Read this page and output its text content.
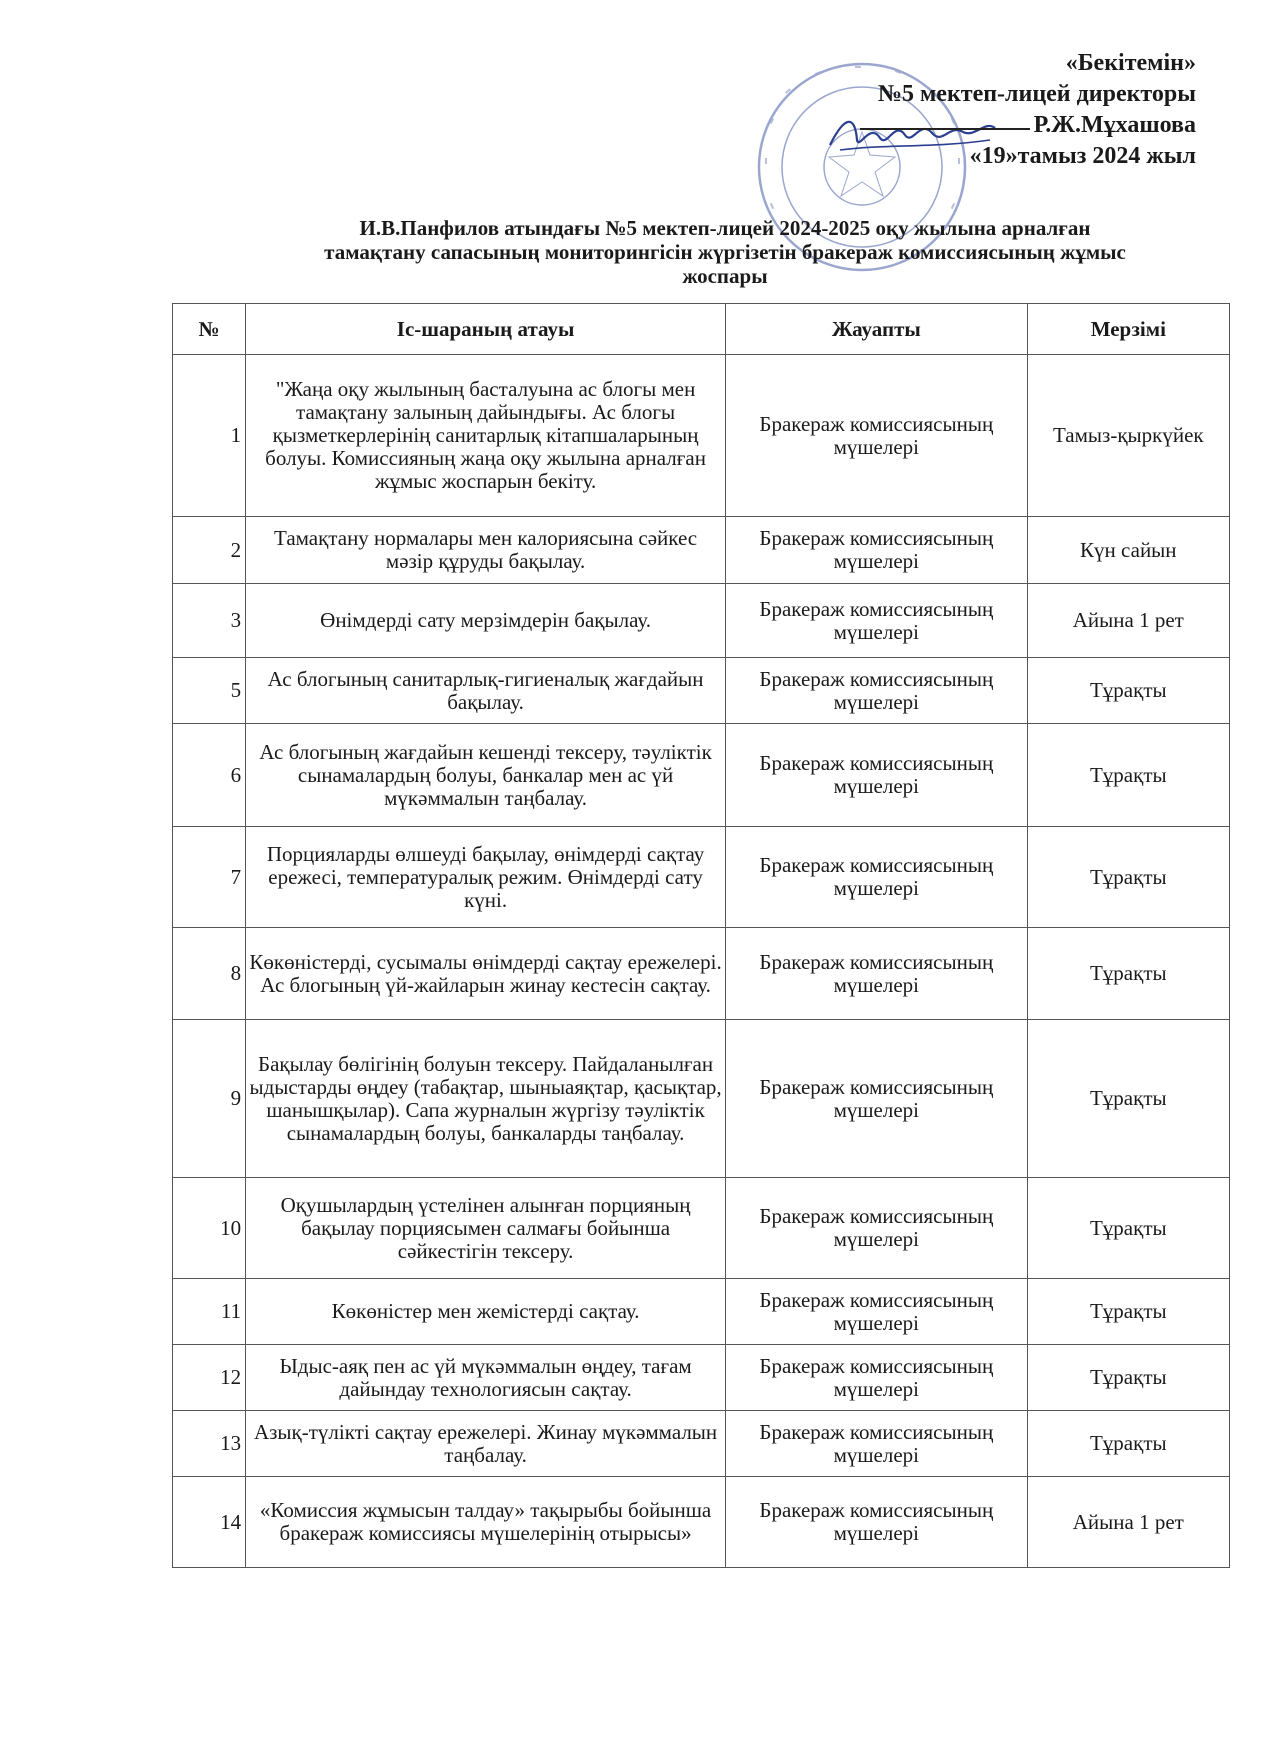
«Бекітемін»
№5 мектеп-лицей директоры
Р.Ж.Мұхашова
«19»тамыз 2024 жыл
И.В.Панфилов атындағы №5 мектеп-лицей 2024-2025 оқу жылына арналған
тамақтану сапасының мониторингісін жүргізетін бракераж комиссиясының жұмыс
жоспары
№	Іс-шараның атауы	Жауапты	Мерзімі
1	"Жаңа оқу жылының басталуына ас блогы мен тамақтану залының дайындығы. Ас блогы қызметкерлерінің санитарлық кітапшаларының болуы. Комиссияның жаңа оқу жылына арналған жұмыс жоспарын бекіту.	Бракераж комиссиясының мүшелері	Тамыз-қыркүйек
2	Тамақтану нормалары мен калориясына сәйкес мәзір құруды бақылау.	Бракераж комиссиясының мүшелері	Күн сайын
3	Өнімдерді сату мерзімдерін бақылау.	Бракераж комиссиясының мүшелері	Айына 1 рет
5	Ас блогының санитарлық-гигиеналық жағдайын бақылау.	Бракераж комиссиясының мүшелері	Тұрақты
6	Ас блогының жағдайын кешенді тексеру, тәуліктік сынамалардың болуы, банкалар мен ас үй мүкәммалын таңбалау.	Бракераж комиссиясының мүшелері	Тұрақты
7	Порцияларды өлшеуді бақылау, өнімдерді сақтау ережесі, температуралық режим. Өнімдерді сату күні.	Бракераж комиссиясының мүшелері	Тұрақты
8	Көкөністерді, сусымалы өнімдерді сақтау ережелері. Ас блогының үй-жайларын жинау кестесін сақтау.	Бракераж комиссиясының мүшелері	Тұрақты
9	Бақылау бөлігінің болуын тексеру. Пайдаланылған ыдыстарды өңдеу (табақтар, шыныаяқтар, қасықтар, шанышқылар). Сапа журналын жүргізу тәуліктік сынамалардың болуы, банкаларды таңбалау.	Бракераж комиссиясының мүшелері	Тұрақты
10	Оқушылардың үстелінен алынған порцияның бақылау порциясымен салмағы бойынша сәйкестігін тексеру.	Бракераж комиссиясының мүшелері	Тұрақты
11	Көкөністер мен жемістерді сақтау.	Бракераж комиссиясының мүшелері	Тұрақты
12	Ыдыс-аяқ пен ас үй мүкәммалын өңдеу, тағам дайындау технологиясын сақтау.	Бракераж комиссиясының мүшелері	Тұрақты
13	Азық-түлікті сақтау ережелері. Жинау мүкәммалын таңбалау.	Бракераж комиссиясының мүшелері	Тұрақты
14	«Комиссия жұмысын талдау» тақырыбы бойынша бракераж комиссиясы мүшелерінің отырысы»	Бракераж комиссиясының мүшелері	Айына 1 рет
